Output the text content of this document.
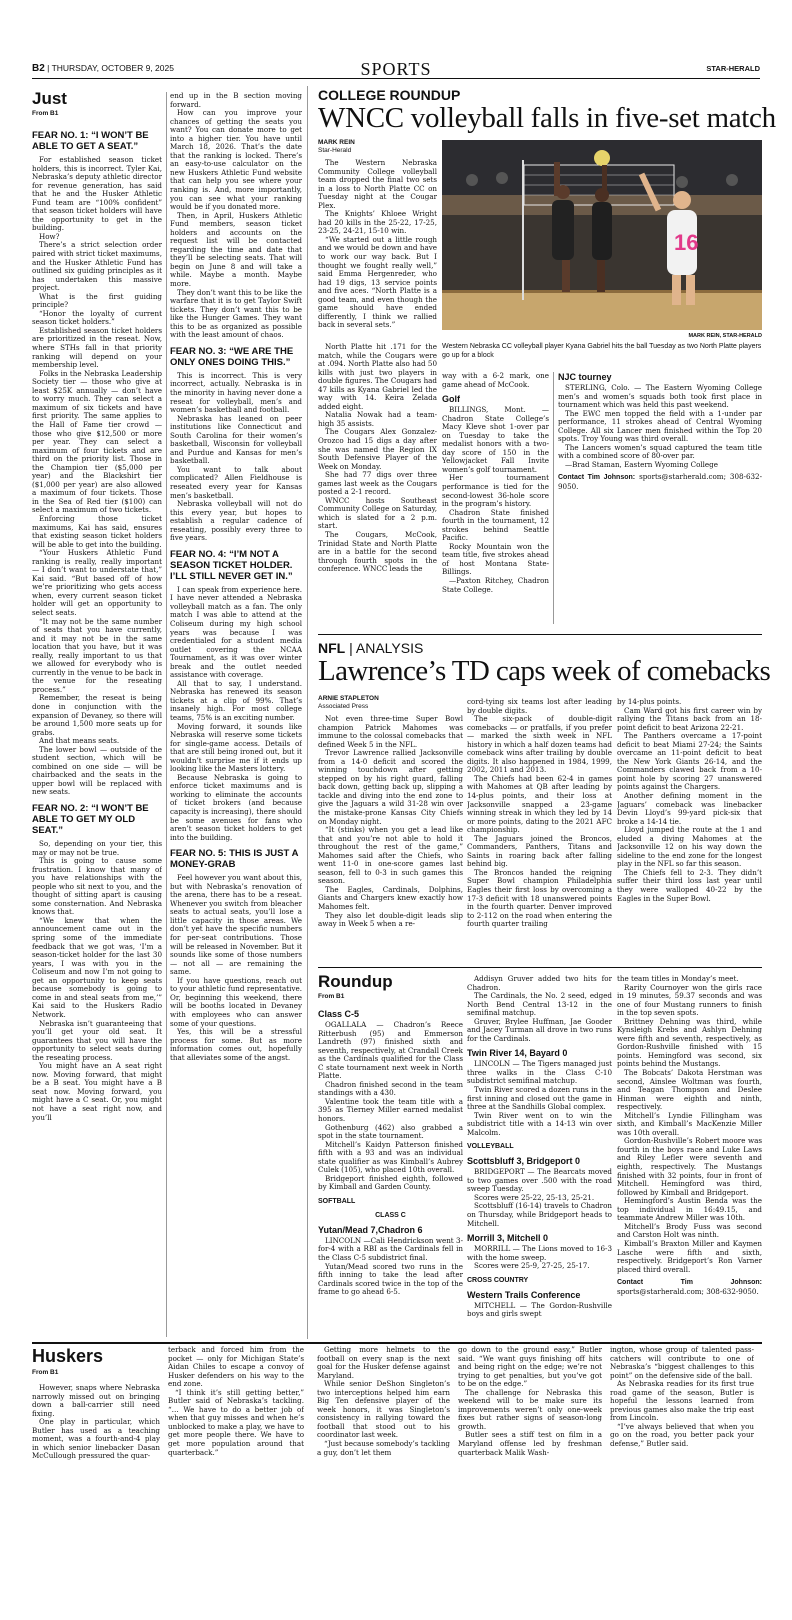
B2 | THURSDAY, OCTOBER 9, 2025	SPORTS	STAR-HERALD
Just
From B1
FEAR NO. 1: “I WON’T BE ABLE TO GET A SEAT.”

For established season ticket holders, this is incorrect. Tyler Kai, Nebraska’s deputy athletic director for revenue generation, has said that he and the Husker Athletic Fund team are “100% confident” that season ticket holders will have the opportunity to get in the building.

How?

There’s a strict selection order paired with strict ticket maximums, and the Husker Athletic Fund has outlined six guiding principles as it has undertaken this massive project.

What is the first guiding principle?

“Honor the loyalty of current season ticket holders.”

Established season ticket holders are prioritized in the reseat. Now, where STHs fall in that priority ranking will depend on your membership level.

Folks in the Nebraska Leadership Society tier — those who give at least $25K annually — don’t have to worry much. They can select a maximum of six tickets and have first priority. The same applies to the Hall of Fame tier crowd — those who give $12,500 or more per year. They can select a maximum of four tickets and are third on the priority list. Those in the Champion tier ($5,000 per year) and the Blackshirt tier ($1,000 per year) are also allowed a maximum of four tickets. Those in the Sea of Red tier ($100) can select a maximum of two tickets.

Enforcing those ticket maximums, Kai has said, ensures that existing season ticket holders will be able to get into the building.

“Your Huskers Athletic Fund ranking is really, really important — I don’t want to understate that,” Kai said. “But based off of how we’re prioritizing who gets access when, every current season ticket holder will get an opportunity to select seats.

“It may not be the same number of seats that you have currently, and it may not be in the same location that you have, but it was really, really important to us that we allowed for everybody who is currently in the venue to be back in the venue for the reseating process.”

Remember, the reseat is being done in conjunction with the expansion of Devaney, so there will be around 1,500 more seats up for grabs.

And that means seats.

The lower bowl — outside of the student section, which will be combined on one side — will be chairbacked and the seats in the upper bowl will be replaced with new seats.

FEAR NO. 2: “I WON’T BE ABLE TO GET MY OLD SEAT.”

So, depending on your tier, this may or may not be true.

This is going to cause some frustration. I know that many of you have relationships with the people who sit next to you, and the thought of sitting apart is causing some consternation. And Nebraska knows that.

“We knew that when the announcement came out in the spring some of the immediate feedback that we got was, ‘I’m a season-ticket holder for the last 30 years, I was with you in the Coliseum and now I’m not going to get an opportunity to keep seats because somebody is going to come in and steal seats from me,’” Kai said to the Huskers Radio Network.

Nebraska isn’t guaranteeing that you’ll get your old seat. It guarantees that you will have the opportunity to select seats during the reseating process.

You might have an A seat right now. Moving forward, that might be a B seat. You might have a B seat now. Moving forward, you might have a C seat. Or, you might not have a seat right now, and you’ll

end up in the B section moving forward.

How can you improve your chances of getting the seats you want? You can donate more to get into a higher tier. You have until March 18, 2026. That’s the date that the ranking is locked. There’s an easy-to-use calculator on the new Huskers Athletic Fund website that can help you see where your ranking is. And, more importantly, you can see what your ranking would be if you donated more.

Then, in April, Huskers Athletic Fund members, season ticket holders and accounts on the request list will be contacted regarding the time and date that they’ll be selecting seats. That will begin on June 8 and will take a while. Maybe a month. Maybe more.

They don’t want this to be like the warfare that it is to get Taylor Swift tickets. They don’t want this to be like the Hunger Games. They want this to be as organized as possible with the least amount of chaos.

FEAR NO. 3: “WE ARE THE ONLY ONES DOING THIS.”

This is incorrect. This is very incorrect, actually. Nebraska is in the minority in having never done a reseat for volleyball, men’s and women’s basketball and football.

Nebraska has leaned on peer institutions like Connecticut and South Carolina for their women’s basketball, Wisconsin for volleyball and Purdue and Kansas for men’s basketball.

You want to talk about complicated? Allen Fieldhouse is reseated every year for Kansas men’s basketball.

Nebraska volleyball will not do this every year, but hopes to establish a regular cadence of reseating, possibly every three to five years.

FEAR NO. 4: “I’M NOT A SEASON TICKET HOLDER. I’LL STILL NEVER GET IN.”

I can speak from experience here. I have never attended a Nebraska volleyball match as a fan. The only match I was able to attend at the Coliseum during my high school years was because I was credentialed for a student media outlet covering the NCAA Tournament, as it was over winter break and the outlet needed assistance with coverage.

All that to say, I understand. Nebraska has renewed its season tickets at a clip of 99%. That’s insanely high. For most college teams, 75% is an exciting number.

Moving forward, it sounds like Nebraska will reserve some tickets for single-game access. Details of that are still being ironed out, but it wouldn’t surprise me if it ends up looking like the Masters lottery.

Because Nebraska is going to enforce ticket maximums and is working to eliminate the accounts of ticket brokers (and because capacity is increasing), there should be some avenues for fans who aren’t season ticket holders to get into the building.

FEAR NO. 5: THIS IS JUST A MONEY-GRAB

Feel however you want about this, but with Nebraska’s renovation of the arena, there has to be a reseat. Whenever you switch from bleacher seats to actual seats, you’ll lose a little capacity in those areas. We don’t yet have the specific numbers for per-seat contributions. Those will be released in November. But it sounds like some of those numbers — not all — are remaining the same.

If you have questions, reach out to your athletic fund representative. Or, beginning this weekend, there will be booths located in Devaney with employees who can answer some of your questions.

Yes, this will be a stressful process for some. But as more information comes out, hopefully that alleviates some of the angst.

COLLEGE ROUNDUP
WNCC volleyball falls in five-set match
MARK REIN
Star-Herald

The Western Nebraska Community College volleyball team dropped the final two sets in a loss to North Platte CC on Tuesday night at the Cougar Plex.

The Knights’ Khloee Wright had 20 kills in the 25-22, 17-25, 23-25, 24-21, 15-10 win.

“We started out a little rough and we would be down and have to work our way back. But I thought we fought really well,” said Emma Hergenreder, who had 19 digs, 13 service points and five aces. “North Platte is a good team, and even though the game should have ended differently, I think we rallied back in several sets.”

North Platte hit .171 for the match, while the Cougars were at .094. North Platte also had 50 kills with just two players in double figures. The Cougars had 47 kills as Kyana Gabriel led the way with 14. Keira Zelada added eight.

Natalia Nowak had a team-high 35 assists.

The Cougars Alex Gonzalez-Orozco had 15 digs a day after she was named the Region IX South Defensive Player of the Week on Monday.

She had 77 digs over three games last week as the Cougars posted a 2-1 record.

WNCC hosts Southeast Community College on Saturday, which is slated for a 2 p.m. start.

The Cougars, McCook, Trinidad State and North Platte are in a battle for the second through fourth spots in the conference. WNCC leads the

16
MARK REIN, STAR-HERALD
Western Nebraska CC volleyball player Kyana Gabriel hits the ball Tuesday as two North Platte players go up for a block

way with a 6-2 mark, one game ahead of McCook.

Golf

BILLINGS, Mont. — Chadron State College’s Macy Kleve shot 1-over par on Tuesday to take the medalist honors with a two-day score of 150 in the Yellowjacket Fall Invite women’s golf tournament.

Her tournament performance is tied for the second-lowest 36-hole score in the program’s history.

Chadron State finished fourth in the tournament, 12 strokes behind Seattle Pacific.

Rocky Mountain won the team title, five strokes ahead of host Montana State-Billings.

—Paxton Ritchey, Chadron State College.

NJC tourney

STERLING, Colo. — The Eastern Wyoming College men’s and women’s squads both took first place in tournament which was held this past weekend.

The EWC men topped the field with a 1-under par performance, 11 strokes ahead of Central Wyoming College. All six Lancer men finished within the Top 20 spots. Troy Young was third overall.

The Lancers women’s squad captured the team title with a combined score of 80-over par.

—Brad Staman, Eastern Wyoming College

Contact Tim Johnson: sports@starherald.com; 308-632-9050.

NFL | ANALYSIS
Lawrence’s TD caps week of comebacks
ARNIE STAPLETON
Associated Press

Not even three-time Super Bowl champion Patrick Mahomes was immune to the colossal comebacks that defined Week 5 in the NFL.

Trevor Lawrence rallied Jacksonville from a 14-0 deficit and scored the winning touchdown after getting stepped on by his right guard, falling back down, getting back up, slipping a tackle and diving into the end zone to give the Jaguars a wild 31-28 win over the mistake-prone Kansas City Chiefs on Monday night.

“It (stinks) when you get a lead like that and you’re not able to hold it throughout the rest of the game,” Mahomes said after the Chiefs, who went 11-0 in one-score games last season, fell to 0-3 in such games this season.

The Eagles, Cardinals, Dolphins, Giants and Chargers knew exactly how Mahomes felt.

They also let double-digit leads slip away in Week 5 when a re-

cord-tying six teams lost after leading by double digits.

The six-pack of double-digit comebacks — or pratfalls, if you prefer — marked the sixth week in NFL history in which a half dozen teams had comeback wins after trailing by double digits. It also happened in 1984, 1999, 2002, 2011 and 2013.

The Chiefs had been 62-4 in games with Mahomes at QB after leading by 14-plus points, and their loss at Jacksonville snapped a 23-game winning streak in which they led by 14 or more points, dating to the 2021 AFC championship.

The Jaguars joined the Broncos, Commanders, Panthers, Titans and Saints in roaring back after falling behind big.

The Broncos handed the reigning Super Bowl champion Philadelphia Eagles their first loss by overcoming a 17-3 deficit with 18 unanswered points in the fourth quarter. Denver improved to 2-112 on the road when entering the fourth quarter trailing

by 14-plus points.

Cam Ward got his first career win by rallying the Titans back from an 18-point deficit to beat Arizona 22-21.

The Panthers overcame a 17-point deficit to beat Miami 27-24; the Saints overcame an 11-point deficit to beat the New York Giants 26-14, and the Commanders clawed back from a 10-point hole by scoring 27 unanswered points against the Chargers.

Another defining moment in the Jaguars’ comeback was linebacker Devin Lloyd’s 99-yard pick-six that broke a 14-14 tie.

Lloyd jumped the route at the 1 and eluded a diving Mahomes at the Jacksonville 12 on his way down the sideline to the end zone for the longest play in the NFL so far this season.

The Chiefs fell to 2-3. They didn’t suffer their third loss last year until they were walloped 40-22 by the Eagles in the Super Bowl.

Roundup
From B1
Class C-5

OGALLALA — Chadron’s Reece Ritterbush (95) and Emmerson Landreth (97) finished sixth and seventh, respectively, at Crandall Creek as the Cardinals qualified for the Class C state tournament next week in North Platte.

Chadron finished second in the team standings with a 430.

Valentine took the team title with a 395 as Tierney Miller earned medalist honors.

Gothenburg (462) also grabbed a spot in the state tournament.

Mitchell’s Kaidyn Patterson finished fifth with a 93 and was an individual state qualifier as was Kimball’s Aubrey Culek (105), who placed 10th overall.

Bridgeport finished eighth, followed by Kimball and Garden County.

SOFTBALL
CLASS C
Yutan/Mead 7,Chadron 6

LINCOLN —Cali Hendrickson went 3-for-4 with a RBI as the Cardinals fell in the Class C-5 subdistrict final.

Yutan/Mead scored two runs in the fifth inning to take the lead after Cardinals scored twice in the top of the frame to go ahead 6-5.

Addisyn Gruver added two hits for Chadron.

The Cardinals, the No. 2 seed, edged North Bend Central 13-12 in the semifinal matchup.

Gruver, Brylee Huffman, Jae Gooder and Jacey Turman all drove in two runs for the Cardinals.

Twin River 14, Bayard 0

LINCOLN — The Tigers managed just three walks in the Class C-10 subdistrict semifinal matchup.

Twin River scored a dozen runs in the first inning and closed out the game in three at the Sandhills Global complex.

Twin River went on to win the subdistrict title with a 14-13 win over Malcolm.

VOLLEYBALL
Scottsbluff 3, Bridgeport 0

BRIDGEPORT — The Bearcats moved to two games over .500 with the road sweep Tuesday.

Scores were 25-22, 25-13, 25-21.

Scottsbluff (16-14) travels to Chadron on Thursday, while Bridgeport heads to Mitchell.

Morrill 3, Mitchell 0

MORRILL — The Lions moved to 16-3 with the home sweep.

Scores were 25-9, 27-25, 25-17.

CROSS COUNTRY
Western Trails Conference

MITCHELL — The Gordon-Rushville boys and girls swept

the team titles in Monday’s meet.

Rarity Cournoyer won the girls race in 19 minutes, 59.37 seconds and was one of four Mustang runners to finish in the top seven spots.

Brittney Dehning was third, while Kynsleigh Krebs and Ashlyn Dehning were fifth and seventh, respectively, as Gordon-Rushville finished with 15 points. Hemingford was second, six points behind the Mustangs.

The Bobcats’ Dakota Herstman was second, Ainslee Woltman was fourth, and Teagan Thompson and Deslee Hinman were eighth and ninth, respectively.

Mitchell’s Lyndie Fillingham was sixth, and Kimball’s MacKenzie Miller was 10th overall.

Gordon-Rushville’s Robert moore was fourth in the boys race and Luke Laws and Riley Lefler were seventh and eighth, respectively. The Mustangs finished with 32 points, four in front of Mitchell. Hemingford was third, followed by Kimball and Bridgeport.

Hemingford’s Austin Benda was the top individual in 16:49.15, and teammate Andrew Miller was 10th.

Mitchell’s Brody Fuss was second and Carston Holt was ninth.

Kimball’s Braxton Miller and Kaymen Lasche were fifth and sixth, respectively. Bridgeport’s Ron Varner placed third overall.

Contact Tim Johnson: sports@starherald.com; 308-632-9050.

Huskers
From B1

However, snaps where Nebraska narrowly missed out on bringing down a ball-carrier still need fixing.

One play in particular, which Butler has used as a teaching moment, was a fourth-and-4 play in which senior linebacker Dasan McCullough pressured the quar-

terback and forced him from the pocket — only for Michigan State’s Aidan Chiles to escape a convoy of Husker defenders on his way to the end zone.

“I think it’s still getting better,” Butler said of Nebraska’s tackling. “… We have to do a better job of when that guy misses and when he’s unblocked to make a play, we have to get more people there. We have to get more population around that quarterback.”

Getting more helmets to the football on every snap is the next goal for the Husker defense against Maryland.

While senior DeShon Singleton’s two interceptions helped him earn Big Ten defensive player of the week honors, it was Singleton’s consistency in rallying toward the football that stood out to his coordinator last week.

“Just because somebody’s tackling a guy, don’t let them

go down to the ground easy,” Butler said. “We want guys finishing off hits and being right on the edge; we’re not trying to get penalties, but you’ve got to be on the edge.”

The challenge for Nebraska this weekend will to be make sure its improvements weren’t only one-week fixes but rather signs of season-long growth.

Butler sees a stiff test on film in a Maryland offense led by freshman quarterback Malik Wash-

ington, whose group of talented pass-catchers will contribute to one of Nebraska’s “biggest challenges to this point” on the defensive side of the ball.

As Nebraska readies for its first true road game of the season, Butler is hopeful the lessons learned from previous games also make the trip east from Lincoln.

“I’ve always believed that when you go on the road, you better pack your defense,” Butler said.
